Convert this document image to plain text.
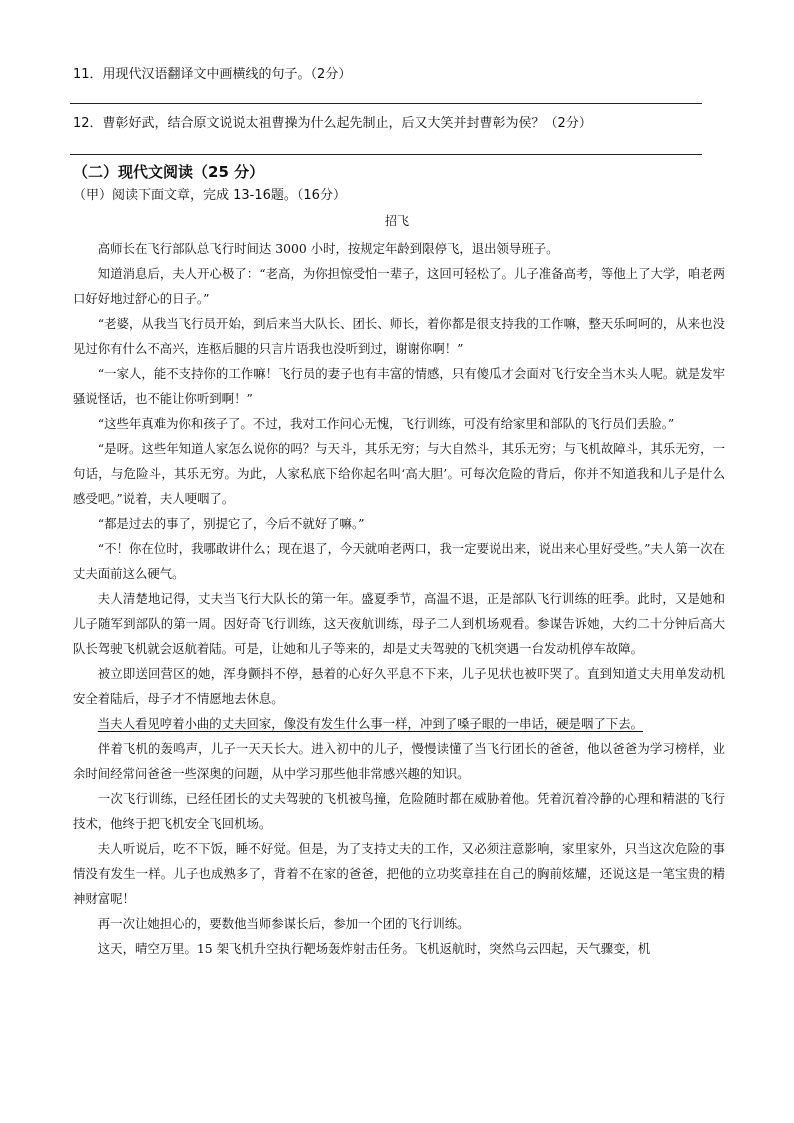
11．用现代汉语翻译文中画横线的句子。（2分）
12．曹彰好武，结合原文说说太祖曹操为什么起先制止，后又大笑并封曹彰为侯？（2分）
（二）现代文阅读（25 分）
（甲）阅读下面文章，完成 13-16题。（16分）
招飞

高师长在飞行部队总飞行时间达 3000 小时，按规定年龄到限停飞，退出领导班子。

知道消息后，夫人开心极了：“老高，为你担惊受怕一辈子，这回可轻松了。儿子准备高考，等他上了大学，咱老两口好好地过舒心的日子。”

“老婆，从我当飞行员开始，到后来当大队长、团长、师长，着你都是很支持我的工作嘛，整天乐呵呵的，从来也没见过你有什么不高兴，连柩后腿的只言片语我也没听到过，谢谢你啊！”

“一家人，能不支持你的工作嘛！飞行员的妻子也有丰富的情感，只有傻瓜才会面对飞行安全当木头人呢。就是发牢骚说怪话，也不能让你听到啊！”

“这些年真难为你和孩子了。不过，我对工作问心无愧，飞行训练，可没有给家里和部队的飞行员们丢脸。”

“是呀。这些年知道人家怎么说你的吗？与天斗，其乐无穷；与大自然斗，其乐无穷；与飞机故障斗，其乐无穷，一句话，与危险斗，其乐无穷。为此，人家私底下给你起名叫‘高大胆’。可每次危险的背后，你并不知道我和儿子是什么感受吧。”说着，夫人哽咽了。

“都是过去的事了，别提它了，今后不就好了嘛。”

“不！你在位时，我哪敢讲什么；现在退了，今天就咱老两口，我一定要说出来，说出来心里好受些。”夫人第一次在丈夫面前这么硬气。

夫人清楚地记得，丈夫当飞行大队长的第一年。盛夏季节，高温不退，正是部队飞行训练的旺季。此时，又是她和儿子随军到部队的第一周。因好奇飞行训练，这天夜航训练，母子二人到机场观看。参谋告诉她，大约二十分钟后高大队长驾驶飞机就会返航着陆。可是，让她和儿子等来的，却是丈夫驾驶的飞机突遇一台发动机停车故障。

被立即送回营区的她，浑身颤抖不停，悬着的心好久平息不下来，儿子见状也被吓哭了。直到知道丈夫用单发动机安全着陆后，母子才不情愿地去休息。

当夫人看见哼着小曲的丈夫回家，像没有发生什么事一样，冲到了嗓子眼的一串话，硬是咽了下去。

伴着飞机的轰鸣声，儿子一天天长大。进入初中的儿子，慢慢读懂了当飞行团长的爸爸，他以爸爸为学习榜样，业余时间经常问爸爸一些深奥的问题，从中学习那些他非常感兴趣的知识。

一次飞行训练，已经任团长的丈夫驾驶的飞机被鸟撞，危险随时都在威胁着他。凭着沉着冷静的心理和精湛的飞行技术，他终于把飞机安全飞回机场。

夫人听说后，吃不下饭，睡不好觉。但是，为了支持丈夫的工作，又必须注意影响，家里家外，只当这次危险的事情没有发生一样。儿子也成熟多了，背着不在家的爸爸，把他的立功奖章挂在自己的胸前炫耀，还说这是一笔宝贵的精神财富呢！

再一次让她担心的，要数他当师参谋长后，参加一个团的飞行训练。

这天，晴空万里。15 架飞机升空执行靶场轰炸射击任务。飞机返航时，突然乌云四起，天气骤变，机
